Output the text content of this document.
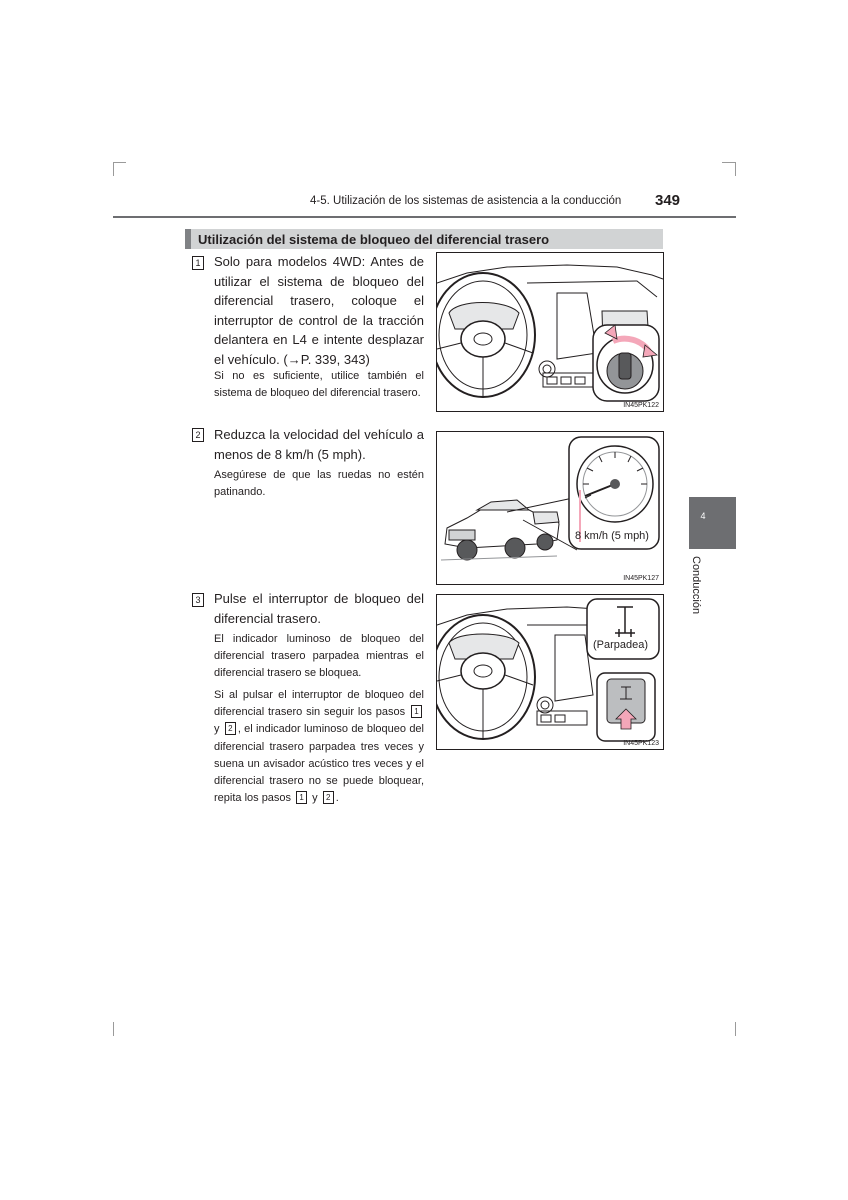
4-5. Utilización de los sistemas de asistencia a la conducción 349
Utilización del sistema de bloqueo del diferencial trasero
1 Solo para modelos 4WD: Antes de utilizar el sistema de bloqueo del diferencial trasero, coloque el interruptor de control de la tracción delantera en L4 e intente desplazar el vehículo. (→P. 339, 343)
Si no es suficiente, utilice también el sistema de bloqueo del diferencial trasero.
2 Reduzca la velocidad del vehículo a menos de 8 km/h (5 mph).
Asegúrese de que las ruedas no estén patinando.
3 Pulse el interruptor de bloqueo del diferencial trasero.
El indicador luminoso de bloqueo del diferencial trasero parpadea mientras el diferencial trasero se bloquea.
Si al pulsar el interruptor de bloqueo del diferencial trasero sin seguir los pasos 1 y 2 , el indicador luminoso de bloqueo del diferencial trasero parpadea tres veces y suena un avisador acústico tres veces y el diferencial trasero no se puede bloquear, repita los pasos 1 y 2 .
IN45PK122
8 km/h (5 mph)
IN45PK127
(Parpadea)
IN45PK123
4
Conducción
